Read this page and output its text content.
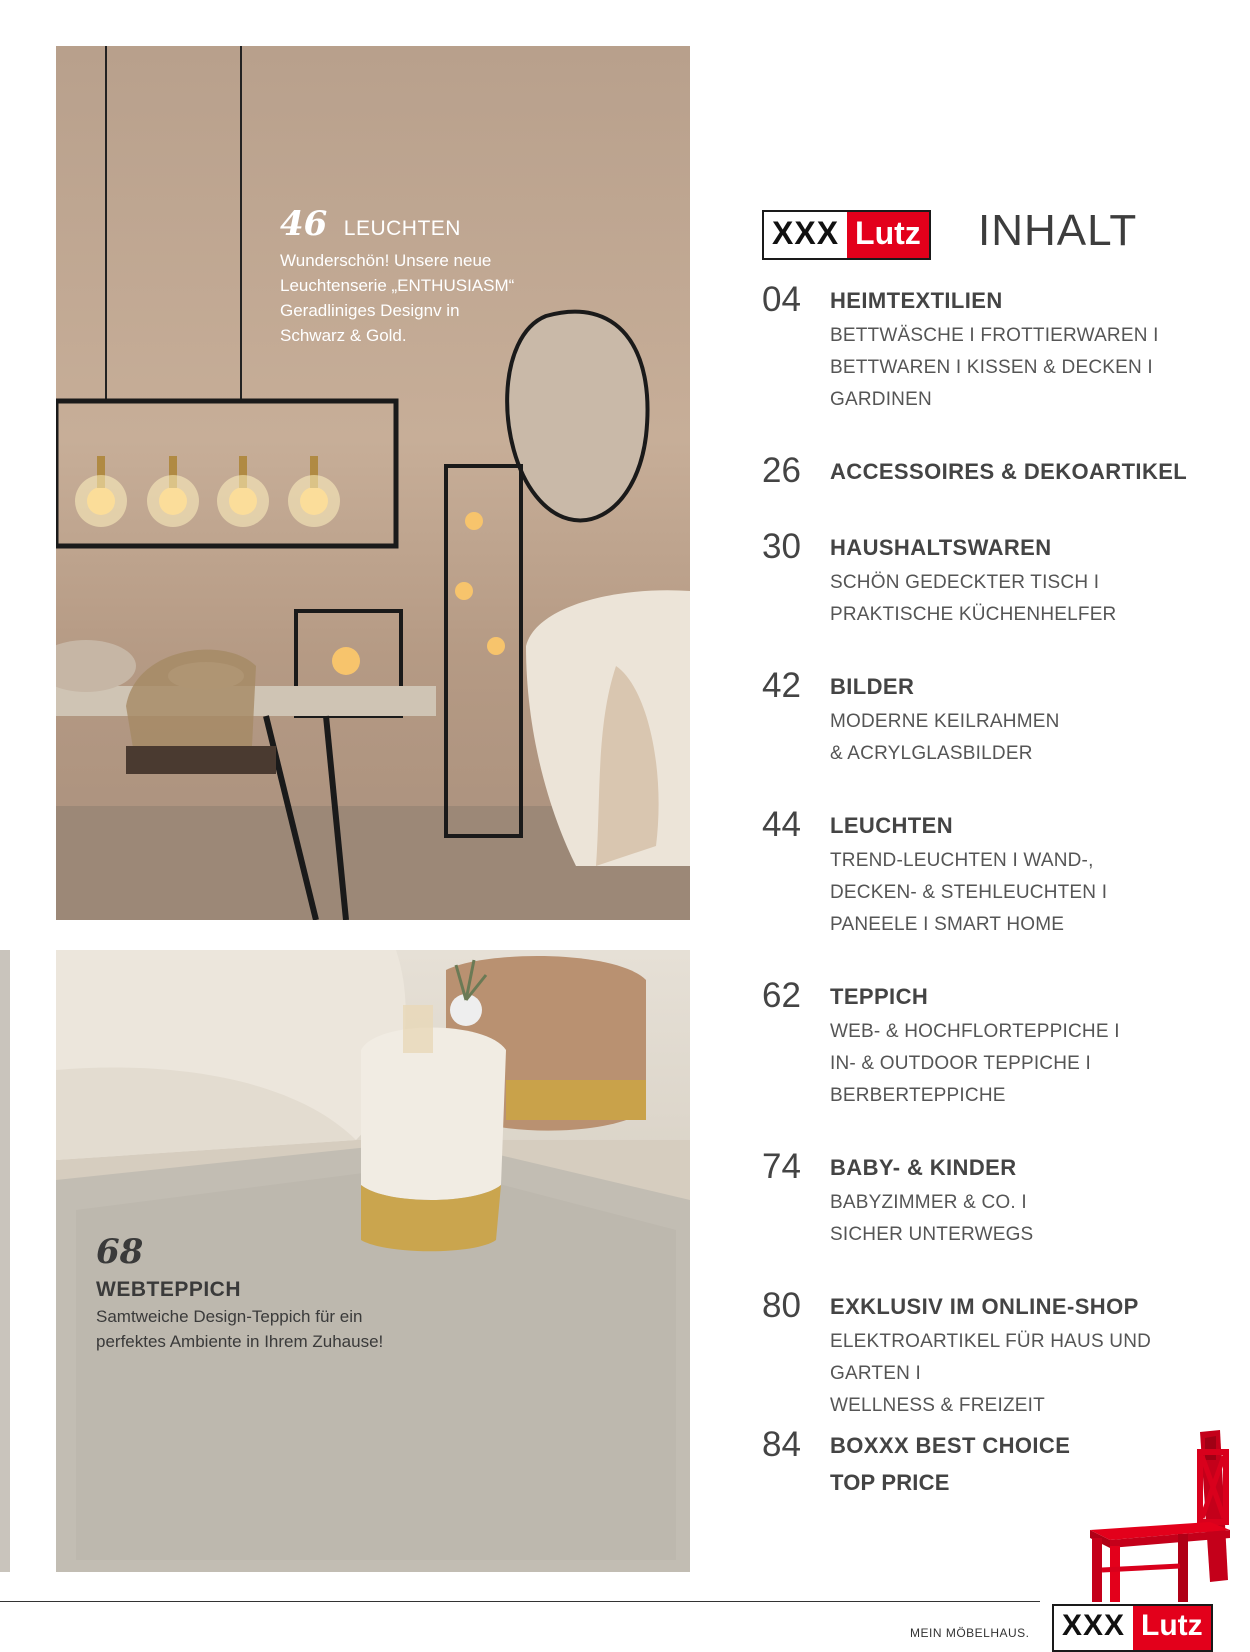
46 LEUCHTEN
Wunderschön! Unsere neue
Leuchtenserie „ENTHUSIASM“
Geradliniges Designv in
Schwarz & Gold.
68
WEBTEPPICH
Samtweiche Design-Teppich für ein
perfektes Ambiente in Ihrem Zuhause!
XXX Lutz INHALT
04 HEIMTEXTILIEN
BETTWÄSCHE I FROTTIERWAREN I
BETTWAREN I KISSEN & DECKEN I
GARDINEN
26 ACCESSOIRES & DEKOARTIKEL
30 HAUSHALTSWAREN
SCHÖN GEDECKTER TISCH I
PRAKTISCHE KÜCHENHELFER
42 BILDER
MODERNE KEILRAHMEN
& ACRYLGLASBILDER
44 LEUCHTEN
TREND-LEUCHTEN I WAND-,
DECKEN- & STEHLEUCHTEN I
PANEELE I SMART HOME
62 TEPPICH
WEB- & HOCHFLORTEPPICHE I
IN- & OUTDOOR TEPPICHE I
BERBERTEPPICHE
74 BABY- & KINDER
BABYZIMMER & CO. I
SICHER UNTERWEGS
80 EXKLUSIV IM ONLINE-SHOP
ELEKTROARTIKEL FÜR HAUS UND GARTEN I
WELLNESS & FREIZEIT
84 BOXXX BEST CHOICE
TOP PRICE
MEIN MÖBELHAUS. XXX Lutz
